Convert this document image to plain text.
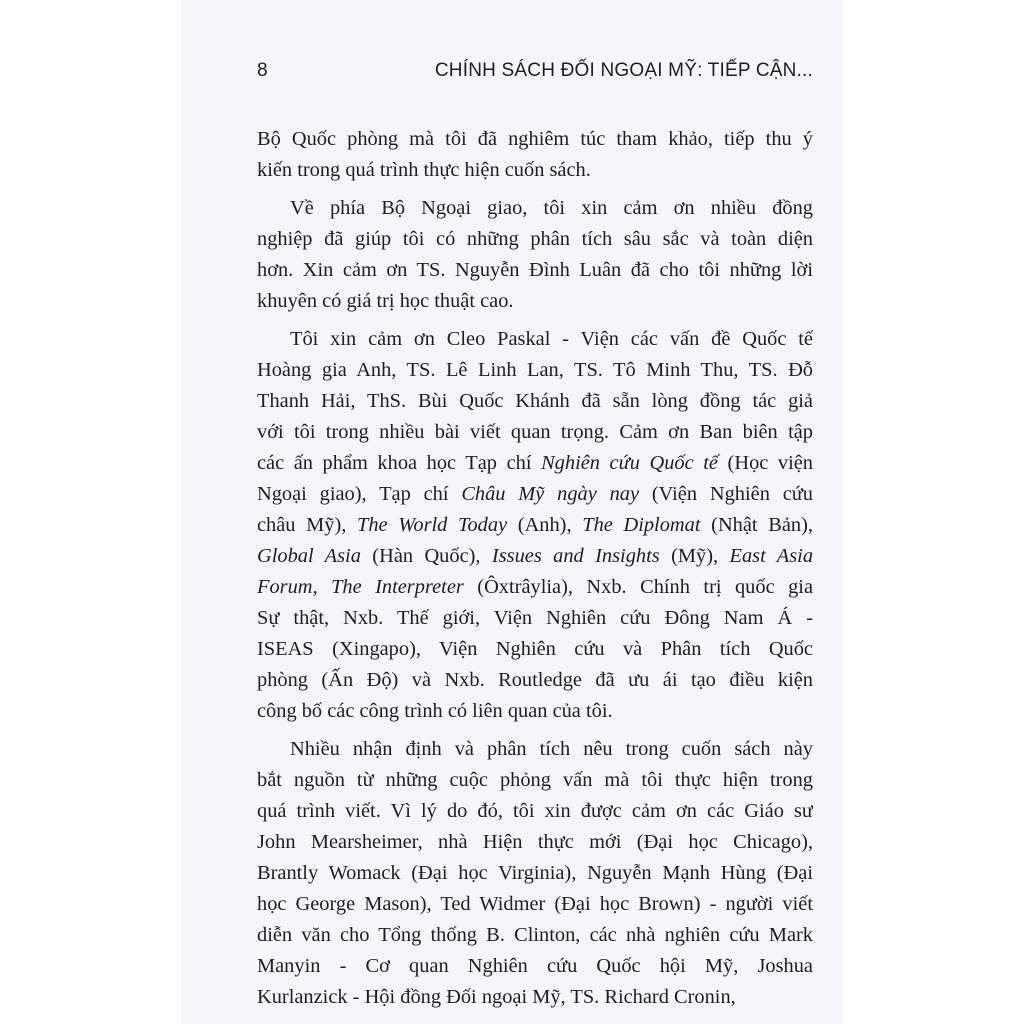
8	CHÍNH SÁCH ĐỐI NGOẠI MỸ: TIẾP CẬN...
Bộ Quốc phòng mà tôi đã nghiêm túc tham khảo, tiếp thu ý
kiến trong quá trình thực hiện cuốn sách.
Về phía Bộ Ngoại giao, tôi xin cảm ơn nhiều đồng
nghiệp đã giúp tôi có những phân tích sâu sắc và toàn diện
hơn. Xin cảm ơn TS. Nguyễn Đình Luân đã cho tôi những lời
khuyên có giá trị học thuật cao.
Tôi xin cảm ơn Cleo Paskal - Viện các vấn đề Quốc tế
Hoàng gia Anh, TS. Lê Linh Lan, TS. Tô Minh Thu, TS. Đỗ
Thanh Hải, ThS. Bùi Quốc Khánh đã sẵn lòng đồng tác giả
với tôi trong nhiều bài viết quan trọng. Cảm ơn Ban biên tập
các ấn phẩm khoa học Tạp chí Nghiên cứu Quốc tế (Học viện
Ngoại giao), Tạp chí Châu Mỹ ngày nay (Viện Nghiên cứu
châu Mỹ), The World Today (Anh), The Diplomat (Nhật Bản),
Global Asia (Hàn Quốc), Issues and Insights (Mỹ), East Asia
Forum, The Interpreter (Ôxtrâylia), Nxb. Chính trị quốc gia
Sự thật, Nxb. Thế giới, Viện Nghiên cứu Đông Nam Á -
ISEAS (Xingapo), Viện Nghiên cứu và Phân tích Quốc
phòng (Ấn Độ) và Nxb. Routledge đã ưu ái tạo điều kiện
công bố các công trình có liên quan của tôi.
Nhiều nhận định và phân tích nêu trong cuốn sách này
bắt nguồn từ những cuộc phỏng vấn mà tôi thực hiện trong
quá trình viết. Vì lý do đó, tôi xin được cảm ơn các Giáo sư
John Mearsheimer, nhà Hiện thực mới (Đại học Chicago),
Brantly Womack (Đại học Virginia), Nguyễn Mạnh Hùng (Đại
học George Mason), Ted Widmer (Đại học Brown) - người viết
diễn văn cho Tổng thống B. Clinton, các nhà nghiên cứu Mark
Manyin - Cơ quan Nghiên cứu Quốc hội Mỹ, Joshua
Kurlanzick - Hội đồng Đối ngoại Mỹ, TS. Richard Cronin,
